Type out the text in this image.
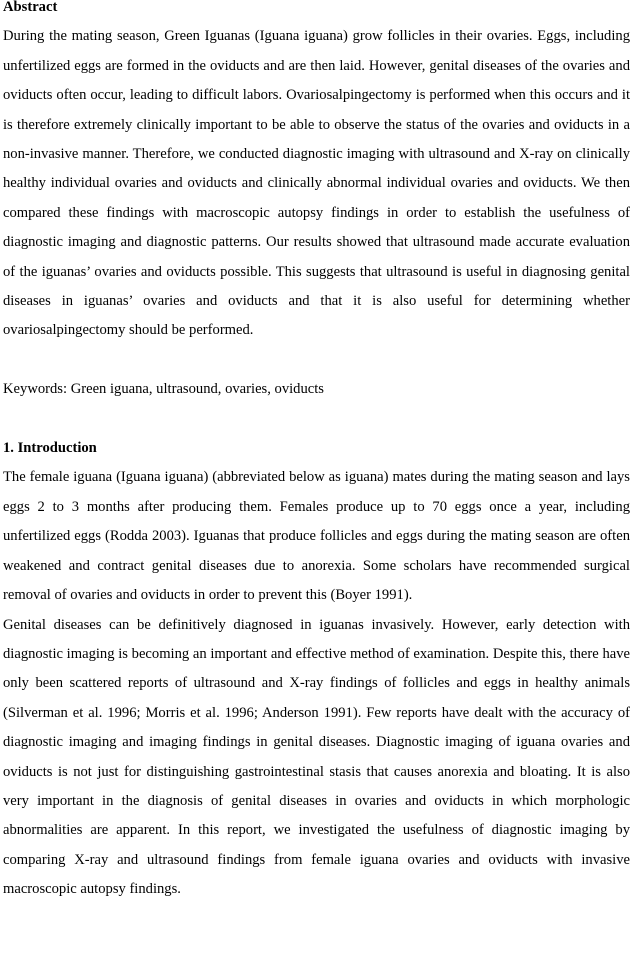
Abstract

During the mating season, Green Iguanas (Iguana iguana) grow follicles in their ovaries. Eggs, including unfertilized eggs are formed in the oviducts and are then laid. However, genital diseases of the ovaries and oviducts often occur, leading to difficult labors. Ovariosalpingectomy is performed when this occurs and it is therefore extremely clinically important to be able to observe the status of the ovaries and oviducts in a non-invasive manner. Therefore, we conducted diagnostic imaging with ultrasound and X-ray on clinically healthy individual ovaries and oviducts and clinically abnormal individual ovaries and oviducts. We then compared these findings with macroscopic autopsy findings in order to establish the usefulness of diagnostic imaging and diagnostic patterns. Our results showed that ultrasound made accurate evaluation of the iguanas’ ovaries and oviducts possible. This suggests that ultrasound is useful in diagnosing genital diseases in iguanas’ ovaries and oviducts and that it is also useful for determining whether ovariosalpingectomy should be performed.

Keywords: Green iguana, ultrasound, ovaries, oviducts

1. Introduction

The female iguana (Iguana iguana) (abbreviated below as iguana) mates during the mating season and lays eggs 2 to 3 months after producing them. Females produce up to 70 eggs once a year, including unfertilized eggs (Rodda 2003). Iguanas that produce follicles and eggs during the mating season are often weakened and contract genital diseases due to anorexia. Some scholars have recommended surgical removal of ovaries and oviducts in order to prevent this (Boyer 1991).

Genital diseases can be definitively diagnosed in iguanas invasively. However, early detection with diagnostic imaging is becoming an important and effective method of examination. Despite this, there have only been scattered reports of ultrasound and X-ray findings of follicles and eggs in healthy animals (Silverman et al. 1996; Morris et al. 1996; Anderson 1991). Few reports have dealt with the accuracy of diagnostic imaging and imaging findings in genital diseases. Diagnostic imaging of iguana ovaries and oviducts is not just for distinguishing gastrointestinal stasis that causes anorexia and bloating. It is also very important in the diagnosis of genital diseases in ovaries and oviducts in which morphologic abnormalities are apparent. In this report, we investigated the usefulness of diagnostic imaging by comparing X-ray and ultrasound findings from female iguana ovaries and oviducts with invasive macroscopic autopsy findings.
